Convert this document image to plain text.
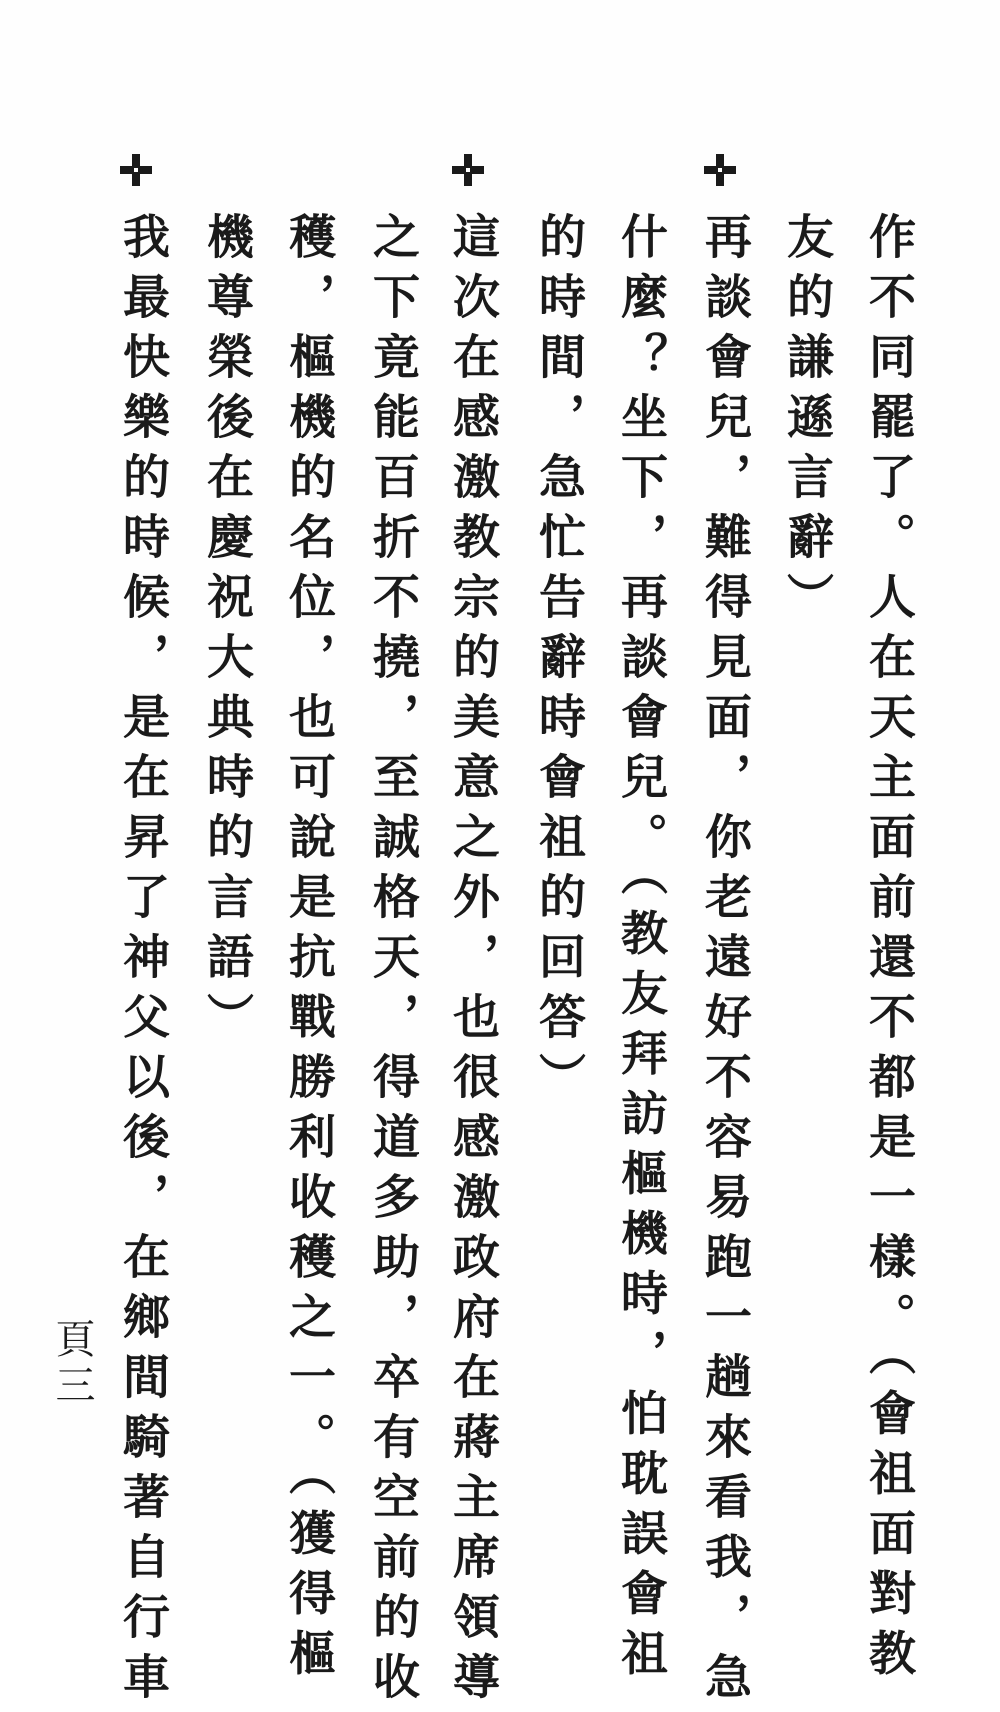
作不同罷了。人在天主面前還不都是一樣。（會祖面對教
友的謙遜言辭）
再談會兒，難得見面，你老遠好不容易跑一趟來看我，急
什麼？坐下，再談會兒。（教友拜訪樞機時，怕耽誤會祖
的時間，急忙告辭時會祖的回答）
這次在感激教宗的美意之外，也很感激政府在蔣主席領導
之下竟能百折不撓，至誠格天，得道多助，卒有空前的收
穫，樞機的名位，也可說是抗戰勝利收穫之一。（獲得樞
機尊榮後在慶祝大典時的言語）
我最快樂的時候，是在昇了神父以後，在鄉間騎著自行車
頁三
